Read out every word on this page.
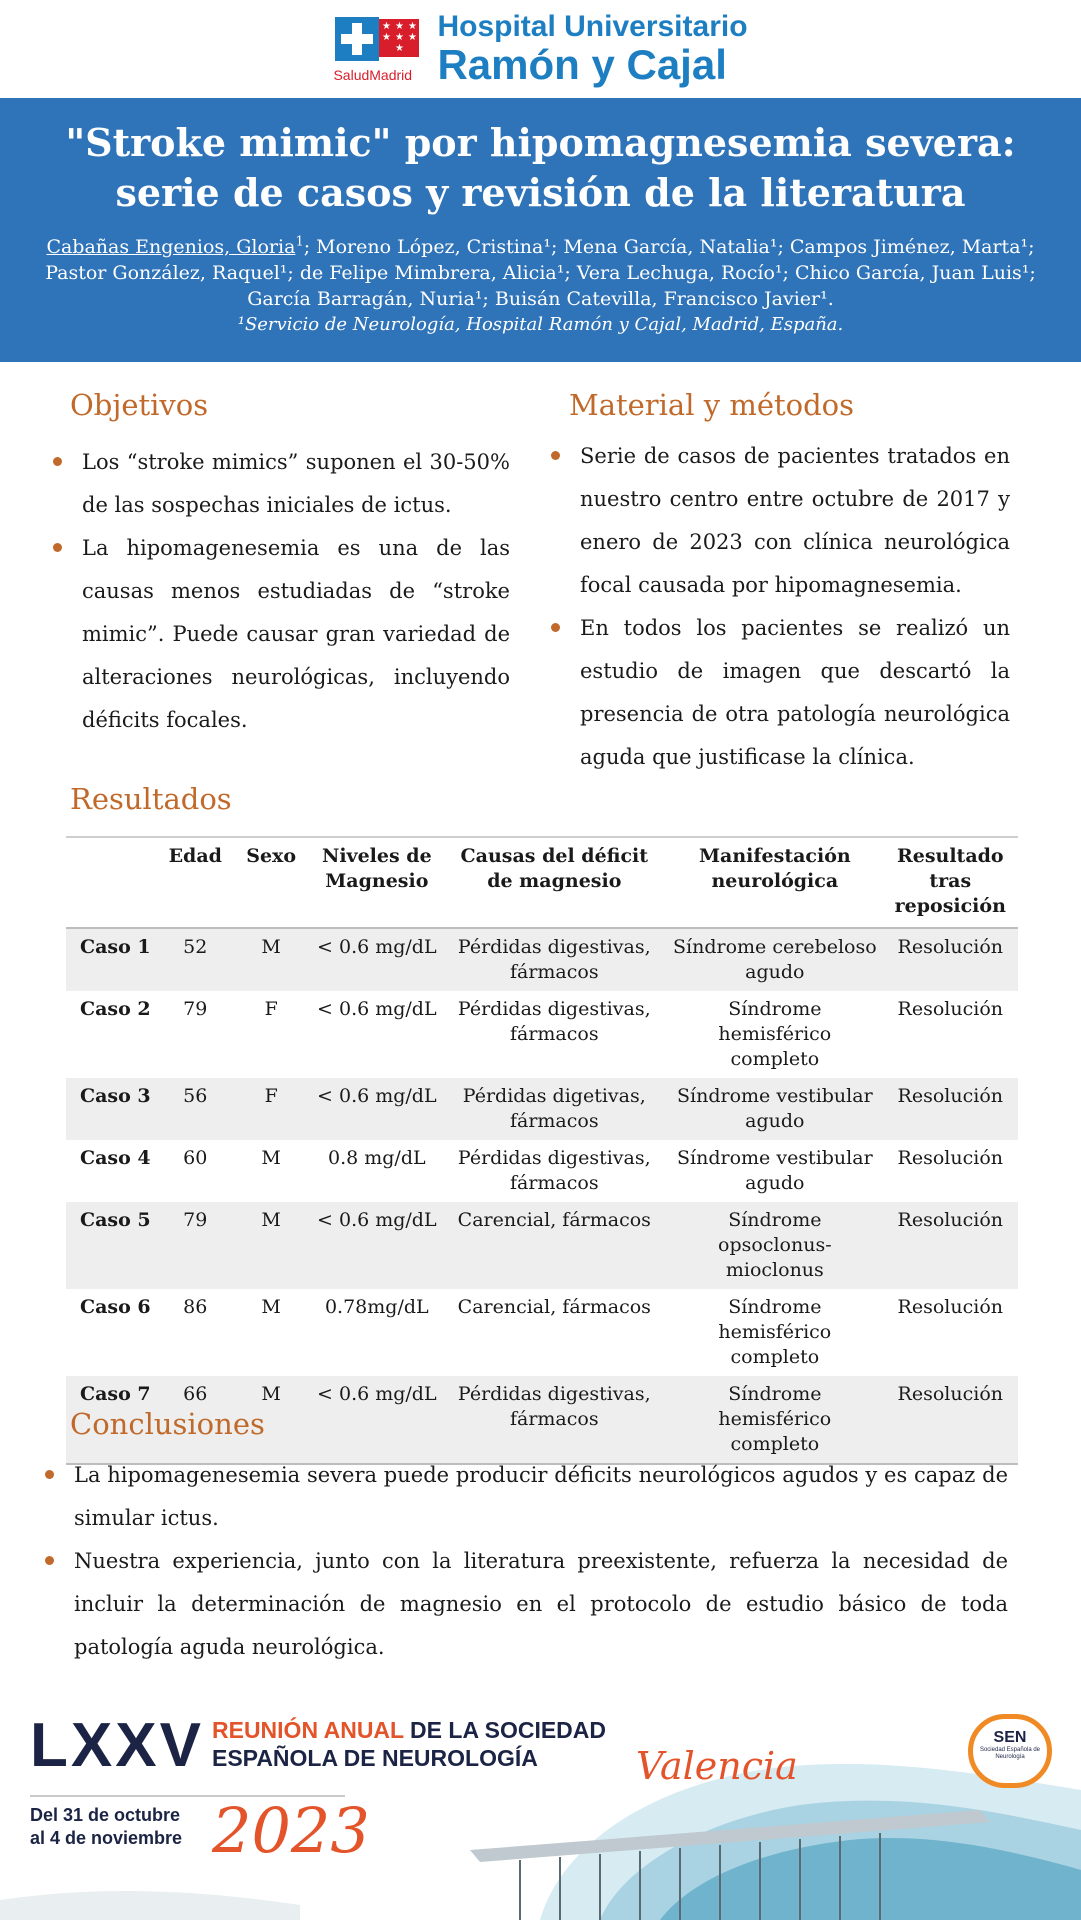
★ ★ ★
★ ★ ★
★
SaludMadrid
Hospital Universitario
Ramón y Cajal
"Stroke mimic" por hipomagnesemia severa: serie de casos y revisión de la literatura
Cabañas Engenios, Gloria$^1$; Moreno López, Cristina¹; Mena García, Natalia¹; Campos Jiménez, Marta¹; Pastor González, Raquel¹; de Felipe Mimbrera, Alicia¹; Vera Lechuga, Rocío¹; Chico García, Juan Luis¹; García Barragán, Nuria¹; Buisán Catevilla, Francisco Javier¹.
¹Servicio de Neurología, Hospital Ramón y Cajal, Madrid, España.
Objetivos
Los “stroke mimics” suponen el 30-50% de las sospechas iniciales de ictus.
La hipomagenesemia es una de las causas menos estudiadas de “stroke mimic”. Puede causar gran variedad de alteraciones neurológicas, incluyendo déficits focales.
Material y métodos
Serie de casos de pacientes tratados en nuestro centro entre octubre de 2017 y enero de 2023 con clínica neurológica focal causada por hipomagnesemia.
En todos los pacientes se realizó un estudio de imagen que descartó la presencia de otra patología neurológica aguda que justificase la clínica.
Resultados
	Edad	Sexo	Niveles de Magnesio	Causas del déficit de magnesio	Manifestación neurológica	Resultado tras reposición
Caso 1	52	M	< 0.6 mg/dL	Pérdidas digestivas, fármacos	Síndrome cerebeloso agudo	Resolución
Caso 2	79	F	< 0.6 mg/dL	Pérdidas digestivas, fármacos	Síndrome hemisférico completo	Resolución
Caso 3	56	F	< 0.6 mg/dL	Pérdidas digetivas, fármacos	Síndrome vestibular agudo	Resolución
Caso 4	60	M	0.8 mg/dL	Pérdidas digestivas, fármacos	Síndrome vestibular agudo	Resolución
Caso 5	79	M	< 0.6 mg/dL	Carencial, fármacos	Síndrome opsoclonus-mioclonus	Resolución
Caso 6	86	M	0.78mg/dL	Carencial, fármacos	Síndrome hemisférico completo	Resolución
Caso 7	66	M	< 0.6 mg/dL	Pérdidas digestivas, fármacos	Síndrome hemisférico completo	Resolución
Conclusiones
La hipomagenesemia severa puede producir déficits neurológicos agudos y es capaz de simular ictus.
Nuestra experiencia, junto con la literatura preexistente, refuerza la necesidad de incluir la determinación de magnesio en el protocolo de estudio básico de toda patología aguda neurológica.
LXXV REUNIÓN ANUAL DE LA SOCIEDAD
ESPAÑOLA DE NEUROLOGÍA
Del 31 de octubre
al 4 de noviembre 2023
Valencia
SEN
Sociedad Española de Neurología
